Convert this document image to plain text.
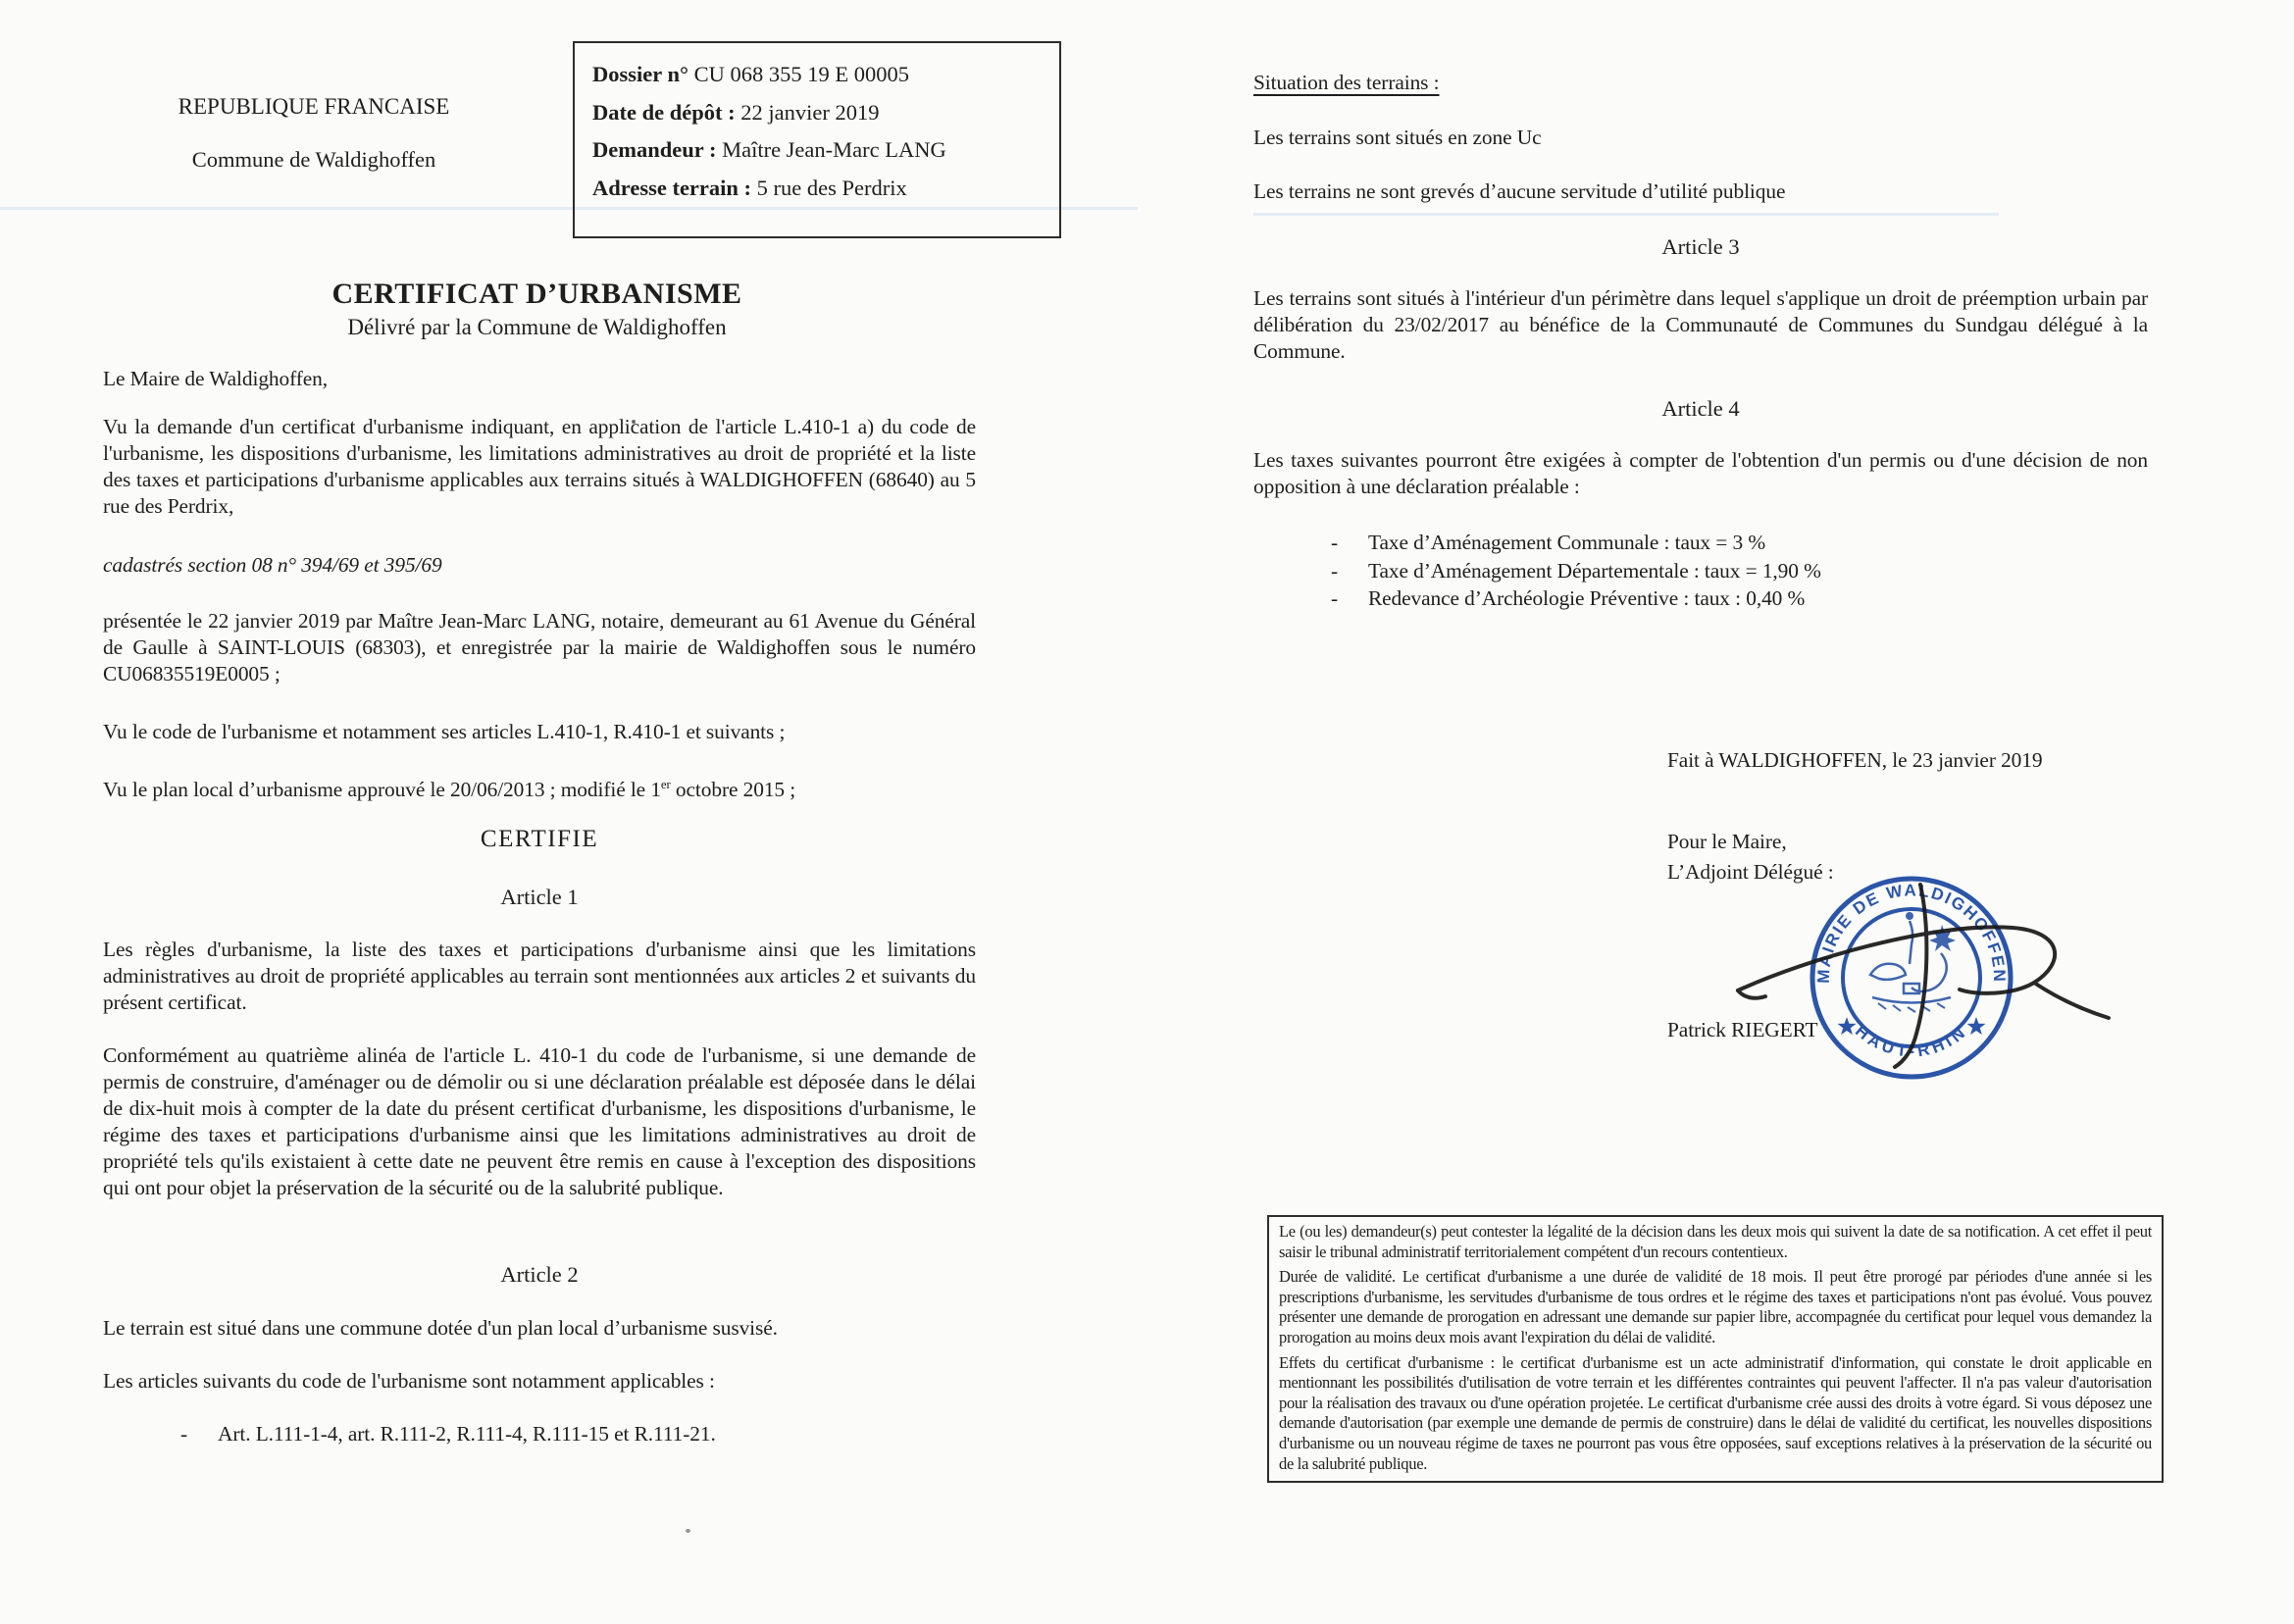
REPUBLIQUE FRANCAISE
Commune de Waldighoffen
Dossier n° CU 068 355 19 E 00005
Date de dépôt : 22 janvier 2019
Demandeur : Maître Jean-Marc LANG
Adresse terrain : 5 rue des Perdrix
CERTIFICAT D’URBANISME
Délivré par la Commune de Waldighoffen
Le Maire de Waldighoffen,
Vu la demande d'un certificat d'urbanisme indiquant, en application de l'article L.410-1 a) du code de l'urbanisme, les dispositions d'urbanisme, les limitations administratives au droit de propriété et la liste des taxes et participations d'urbanisme applicables aux terrains situés à WALDIGHOFFEN (68640) au 5 rue des Perdrix,
cadastrés section 08 n° 394/69 et 395/69
présentée le 22 janvier 2019 par Maître Jean-Marc LANG, notaire, demeurant au 61 Avenue du Général de Gaulle à SAINT-LOUIS (68303), et enregistrée par la mairie de Waldighoffen sous le numéro CU06835519E0005 ;
Vu le code de l'urbanisme et notamment ses articles L.410-1, R.410-1 et suivants ;
Vu le plan local d’urbanisme approuvé le 20/06/2013 ; modifié le 1er octobre 2015 ;
CERTIFIE
Article 1
Les règles d'urbanisme, la liste des taxes et participations d'urbanisme ainsi que les limitations administratives au droit de propriété applicables au terrain sont mentionnées aux articles 2 et suivants du présent certificat.
Conformément au quatrième alinéa de l'article L. 410-1 du code de l'urbanisme, si une demande de permis de construire, d'aménager ou de démolir ou si une déclaration préalable est déposée dans le délai de dix-huit mois à compter de la date du présent certificat d'urbanisme, les dispositions d'urbanisme, le régime des taxes et participations d'urbanisme ainsi que les limitations administratives au droit de propriété tels qu'ils existaient à cette date ne peuvent être remis en cause à l'exception des dispositions qui ont pour objet la préservation de la sécurité ou de la salubrité publique.
Article 2
Le terrain est situé dans une commune dotée d'un plan local d’urbanisme susvisé.
Les articles suivants du code de l'urbanisme sont notamment applicables :
- Art. L.111-1-4, art. R.111-2, R.111-4, R.111-15 et R.111-21.
Situation des terrains :
Les terrains sont situés en zone Uc
Les terrains ne sont grevés d’aucune servitude d’utilité publique
Article 3
Les terrains sont situés à l'intérieur d'un périmètre dans lequel s'applique un droit de préemption urbain par délibération du 23/02/2017 au bénéfice de la Communauté de Communes du Sundgau délégué à la Commune.
Article 4
Les taxes suivantes pourront être exigées à compter de l'obtention d'un permis ou d'une décision de non opposition à une déclaration préalable :
- Taxe d’Aménagement Communale : taux = 3 %
- Taxe d’Aménagement Départementale : taux = 1,90 %
- Redevance d’Archéologie Préventive : taux : 0,40 %
Fait à WALDIGHOFFEN, le 23 janvier 2019
Pour le Maire,
L’Adjoint Délégué :
Patrick RIEGERT
MAIRIE DE WALDIGHOFFEN
HAUT-RHIN

Le (ou les) demandeur(s) peut contester la légalité de la décision dans les deux mois qui suivent la date de sa notification. A cet effet il peut saisir le tribunal administratif territorialement compétent d'un recours contentieux.

Durée de validité. Le certificat d'urbanisme a une durée de validité de 18 mois. Il peut être prorogé par périodes d'une année si les prescriptions d'urbanisme, les servitudes d'urbanisme de tous ordres et le régime des taxes et participations n'ont pas évolué. Vous pouvez présenter une demande de prorogation en adressant une demande sur papier libre, accompagnée du certificat pour lequel vous demandez la prorogation au moins deux mois avant l'expiration du délai de validité.

Effets du certificat d'urbanisme : le certificat d'urbanisme est un acte administratif d'information, qui constate le droit applicable en mentionnant les possibilités d'utilisation de votre terrain et les différentes contraintes qui peuvent l'affecter. Il n'a pas valeur d'autorisation pour la réalisation des travaux ou d'une opération projetée. Le certificat d'urbanisme crée aussi des droits à votre égard. Si vous déposez une demande d'autorisation (par exemple une demande de permis de construire) dans le délai de validité du certificat, les nouvelles dispositions d'urbanisme ou un nouveau régime de taxes ne pourront pas vous être opposées, sauf exceptions relatives à la préservation de la sécurité ou de la salubrité publique.
